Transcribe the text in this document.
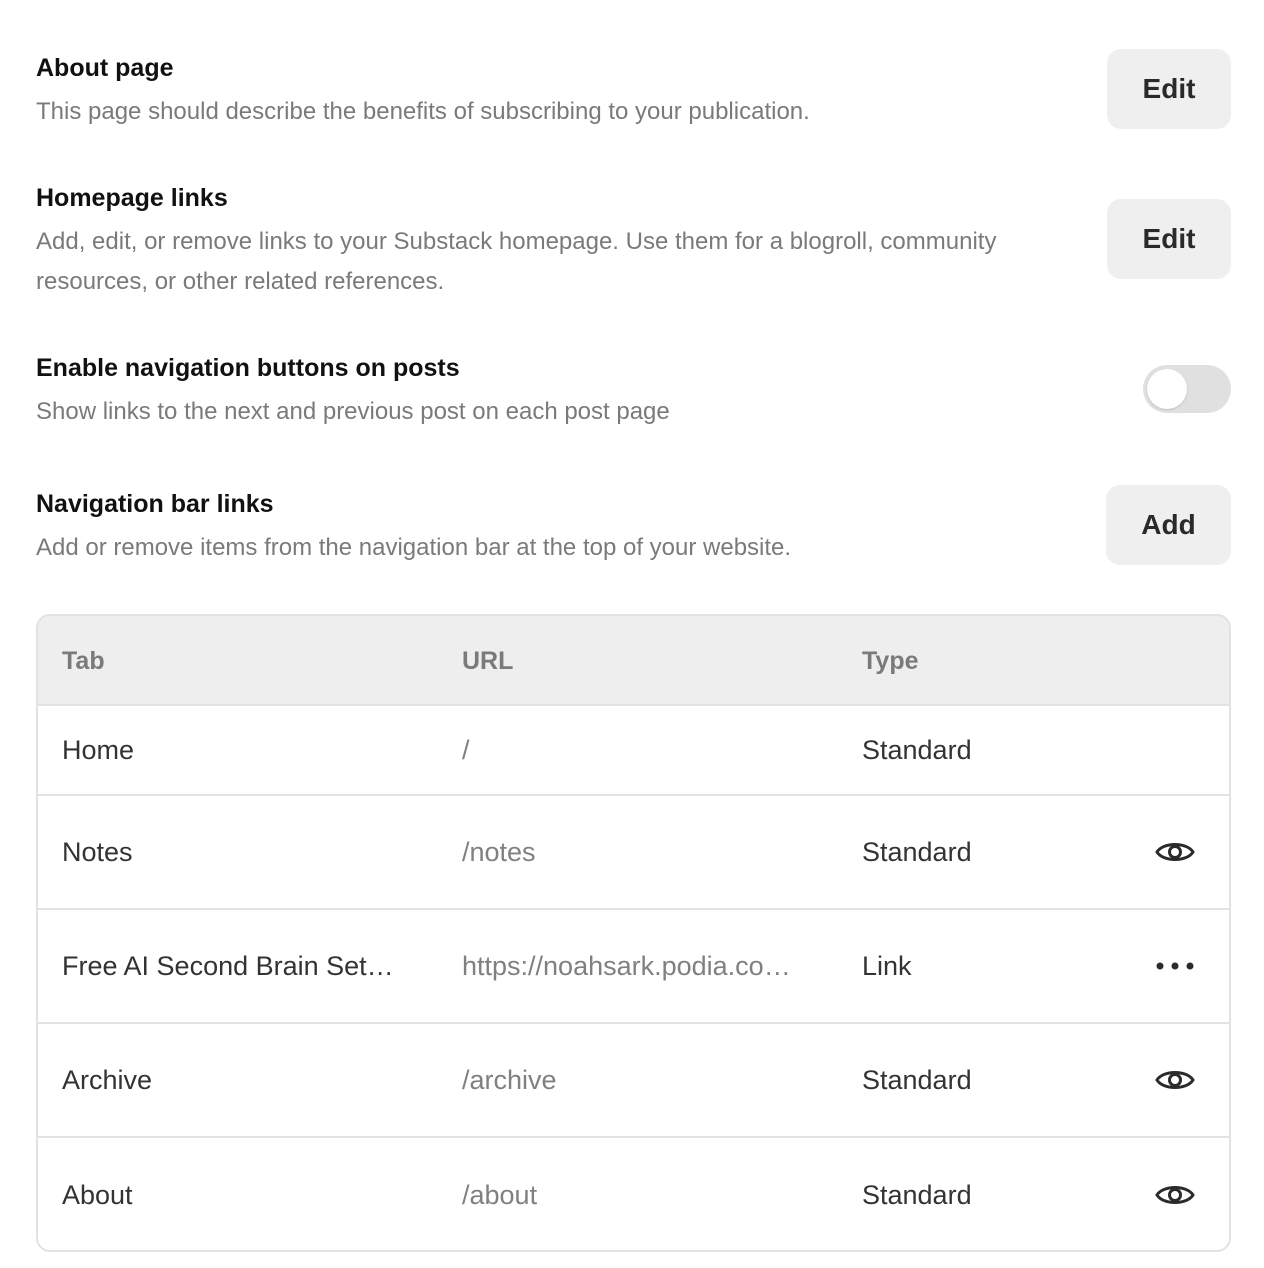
About page
This page should describe the benefits of subscribing to your publication.
Edit
Homepage links
Add, edit, or remove links to your Substack homepage. Use them for a blogroll, community resources, or other related references.
Edit
Enable navigation buttons on posts
Show links to the next and previous post on each post page
Navigation bar links
Add or remove items from the navigation bar at the top of your website.
Add
Tab	URL	Type
Home	/	Standard
Notes	/notes	Standard
Free AI Second Brain Set…	https://noahsark.podia.co…	Link
Archive	/archive	Standard
About	/about	Standard
